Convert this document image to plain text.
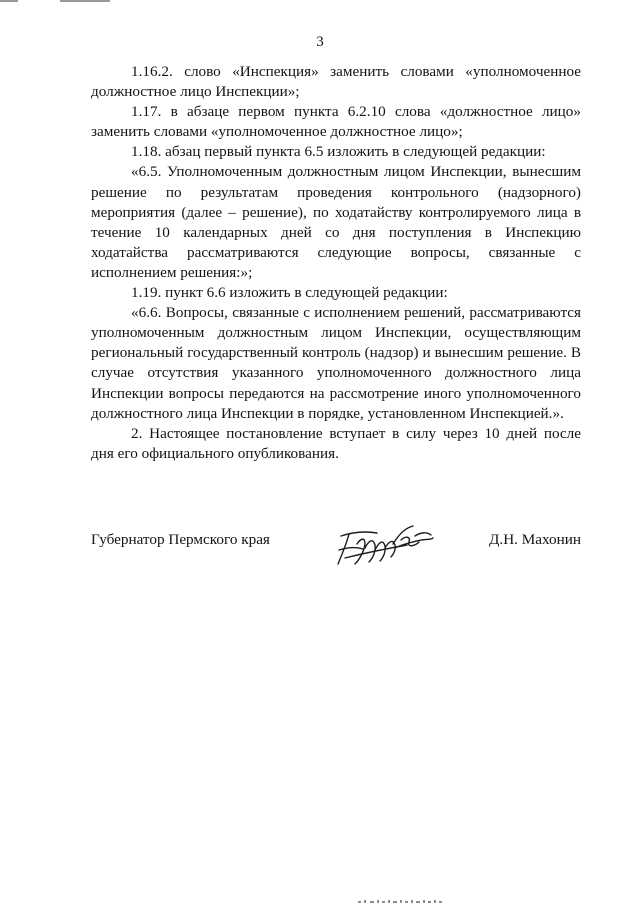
3

1.16.2. слово «Инспекция» заменить словами «уполномоченное должностное лицо Инспекции»;

1.17. в абзаце первом пункта 6.2.10 слова «должностное лицо» заменить словами «уполномоченное должностное лицо»;

1.18. абзац первый пункта 6.5 изложить в следующей редакции:

«6.5. Уполномоченным должностным лицом Инспекции, вынесшим решение по результатам проведения контрольного (надзорного) мероприятия (далее – решение), по ходатайству контролируемого лица в течение 10 календарных дней со дня поступления в Инспекцию ходатайства рассматриваются следующие вопросы, связанные с исполнением решения:»;

1.19. пункт 6.6 изложить в следующей редакции:

«6.6. Вопросы, связанные с исполнением решений, рассматриваются уполномоченным должностным лицом Инспекции, осуществляющим региональный государственный контроль (надзор) и вынесшим решение. В случае отсутствия указанного уполномоченного должностного лица Инспекции вопросы передаются на рассмотрение иного уполномоченного должностного лица Инспекции в порядке, установленном Инспекцией.».

2. Настоящее постановление вступает в силу через 10 дней после дня его официального опубликования.

Губернатор Пермского края	Д.Н. Махонин
